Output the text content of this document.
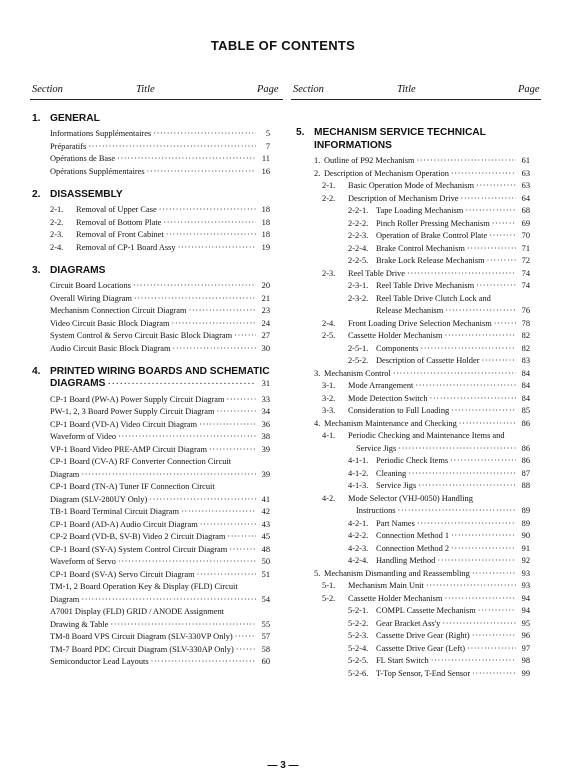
TABLE OF CONTENTS
Section	Title	Page Section	Title	Page
1. GENERAL
Informations Supplémentaires ·····	5
Préparatifs ·····	7
Opérations de Base ·····	11
Opérations Supplémentaires ·····	16
2. DISASSEMBLY
2-1.	Removal of Upper Case ·····	18
2-2.	Removal of Bottom Plate ·····	18
2-3.	Removal of Front Cabinet ·····	18
2-4.	Removal of CP-1 Board Assy ·····	19
3. DIAGRAMS
Circuit Board Locations ·····	20
Overall Wiring Diagram ·····	21
Mechanism Connection Circuit Diagram ·····	23
Video Circuit Basic Block Diagram ·····	24
System Control & Servo Circuit Basic Block Diagram ·····	27
Audio Circuit Basic Block Diagram ·····	30
4. PRINTED WIRING BOARDS AND SCHEMATIC
DIAGRAMS ·····	31
CP-1 Board (PW-A) Power Supply Circuit Diagram ·····	33
PW-1, 2, 3 Board Power Supply Circuit Diagram ·····	34
CP-1 Board (VD-A) Video Circuit Diagram ·····	36
Waveform of Video ·····	38
VP-1 Board Video PRE-AMP Circuit Diagram ·····	39
CP-1 Board (CV-A) RF Converter Connection Circuit
Diagram ·····	39
CP-1 Board (TN-A) Tuner IF Connection Circuit
Diagram (SLV-280UY Only) ·····	41
TB-1 Board Terminal Circuit Diagram ·····	42
CP-1 Board (AD-A) Audio Circuit Diagram ·····	43
CP-2 Board (VD-B, SV-B) Video 2 Circuit Diagram ·····	45
CP-1 Board (SY-A) System Control Circuit Diagram ·····	48
Waveform of Servo ·····	50
CP-1 Board (SV-A) Servo Circuit Diagram ·····	51
TM-1, 2 Board Operation Key & Display (FLD) Circuit
Diagram ·····	54
A7001 Display (FLD) GRID / ANODE Assignment
Drawing & Table ·····	55
TM-8 Board VPS Circuit Diagram (SLV-330VP Only) ·····	57
TM-7 Board PDC Circuit Diagram (SLV-330AP Only) ·····	58
Semiconductor Lead Layouts ·····	60
5. MECHANISM SERVICE TECHNICAL
INFORMATIONS
1. Outline of P92 Mechanism ·····	61
2. Description of Mechanism Operation ·····	63
2-1.	Basic Operation Mode of Mechanism ·····	63
2-2.	Description of Mechanism Drive ·····	64
2-2-1. Tape Loading Mechanism ·····	68
2-2-2. Pinch Roller Pressing Mechanism ·····	69
2-2-3. Operation of Brake Control Plate ·····	70
2-2-4. Brake Control Mechanism ·····	71
2-2-5. Brake Lock Release Mechanism ·····	72
2-3.	Reel Table Drive ·····	74
2-3-1. Reel Table Drive Mechanism ·····	74
2-3-2. Reel Table Drive Clutch Lock and
Release Mechanism ·····	76
2-4.	Front Loading Drive Selection Mechanism ·····	78
2-5.	Cassette Holder Mechanism ·····	82
2-5-1. Components ·····	82
2-5-2. Description of Cassette Holder ·····	83
3. Mechanism Control ·····	84
3-1.	Mode Arrangement ·····	84
3-2.	Mode Detection Switch ·····	84
3-3.	Consideration to Full Loading ·····	85
4. Mechanism Maintenance and Checking ·····	86
4-1.	Periodic Checking and Maintenance Items and
Service Jigs ·····	86
4-1-1. Periodic Check Items ·····	86
4-1-2. Cleaning ·····	87
4-1-3. Service Jigs ·····	88
4-2.	Mode Selector (VHJ-0050) Handling
Instructions ·····	89
4-2-1. Part Names ·····	89
4-2-2. Connection Method 1 ·····	90
4-2-3. Connection Method 2 ·····	91
4-2-4. Handling Method ·····	92
5. Mechanism Dismantling and Reassembling ·····	93
5-1.	Mechanism Main Unit ·····	93
5-2.	Cassette Holder Mechanism ·····	94
5-2-1. COMPL Cassette Mechanism ·····	94
5-2-2. Gear Bracket Ass'y ·····	95
5-2-3. Cassette Drive Gear (Right) ·····	96
5-2-4. Cassette Drive Gear (Left) ·····	97
5-2-5. FL Start Switch ·····	98
5-2-6. T-Top Sensor, T-End Sensor ·····	99
— 3 —
